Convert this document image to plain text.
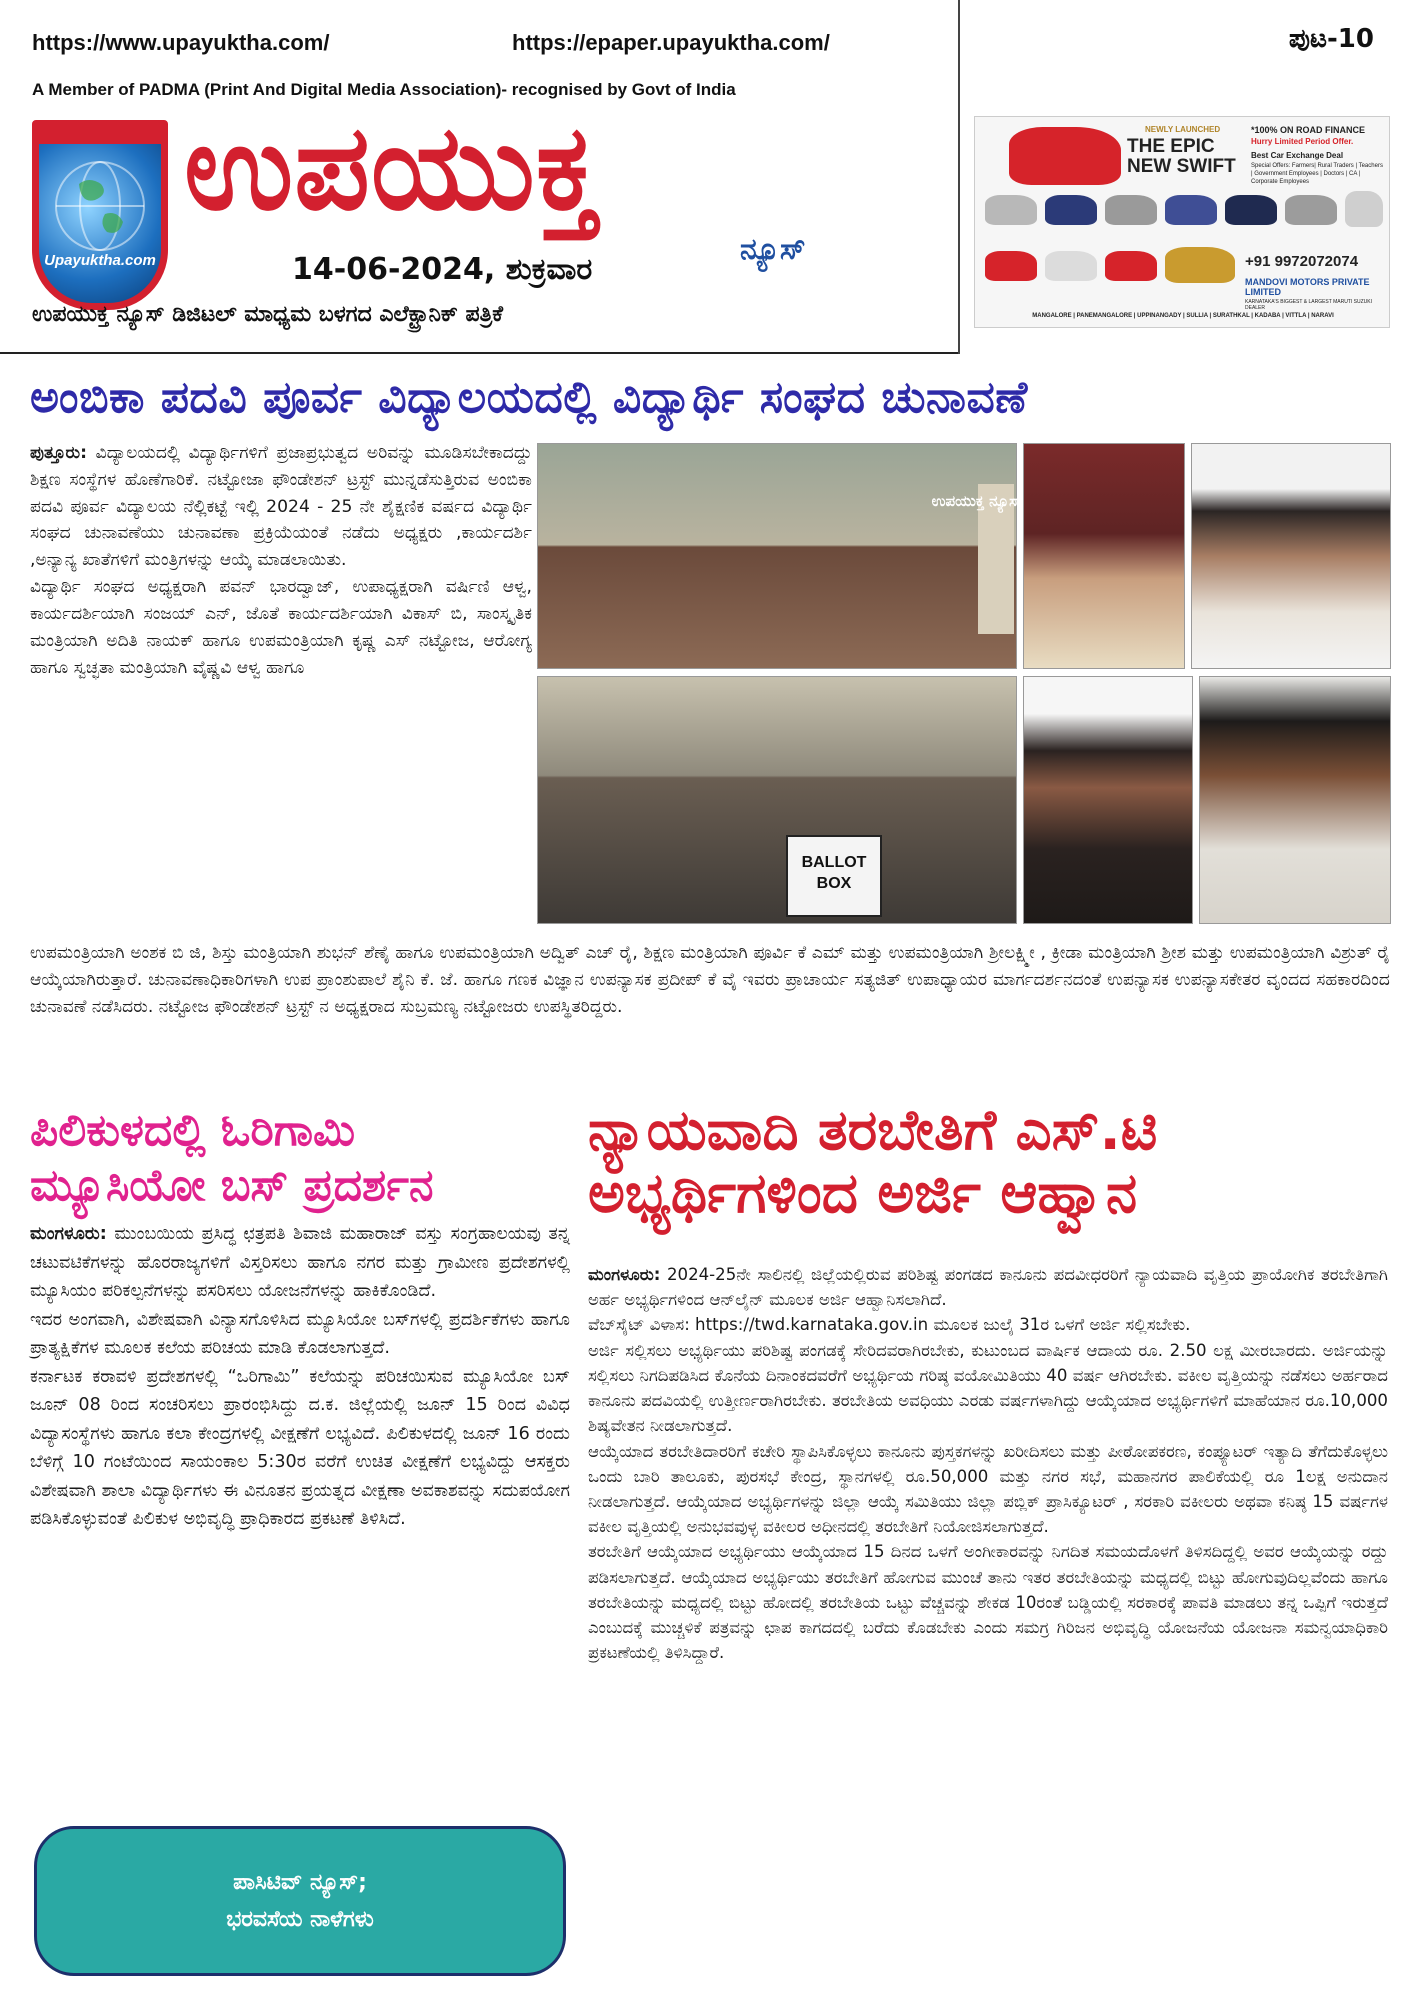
https://www.upayuktha.com/	https://epaper.upayuktha.com/	ಪುಟ-10
A Member of PADMA (Print And Digital Media Association)- recognised by Govt of India
Upayuktha.com
ಉಪಯುಕ್ತ
ನ್ಯೂಸ್
14-06-2024, ಶುಕ್ರವಾರ
ಉಪಯುಕ್ತ ನ್ಯೂಸ್ ಡಿಜಿಟಲ್ ಮಾಧ್ಯಮ ಬಳಗದ ಎಲೆಕ್ಟ್ರಾನಿಕ್ ಪತ್ರಿಕೆ
NEWLY LAUNCHED
THE EPIC NEW SWIFT
*100% ON ROAD FINANCE
Hurry Limited Period Offer.
Best Car Exchange Deal
Special Offers: Farmers| Rural Traders | Teachers | Government Employees | Doctors | CA | Corporate Employees
+91 9972072074
MANDOVI MOTORS PRIVATE LIMITED
KARNATAKA'S BIGGEST & LARGEST MARUTI SUZUKI DEALER
MANGALORE | PANEMANGALORE | UPPINANGADY | SULLIA | SURATHKAL | KADABA | VITTLA | NARAVI
ಅಂಬಿಕಾ ಪದವಿ ಪೂರ್ವ ವಿದ್ಯಾಲಯದಲ್ಲಿ ವಿದ್ಯಾರ್ಥಿ ಸಂಘದ ಚುನಾವಣೆ

ಪುತ್ತೂರು: ವಿದ್ಯಾಲಯದಲ್ಲಿ ವಿದ್ಯಾರ್ಥಿಗಳಿಗೆ ಪ್ರಜಾಪ್ರಭುತ್ವದ ಅರಿವನ್ನು ಮೂಡಿಸಬೇಕಾದದ್ದು ಶಿಕ್ಷಣ ಸಂಸ್ಥೆಗಳ ಹೊಣೆಗಾರಿಕೆ. ನಟ್ಟೋಜಾ ಫೌಂಡೇಶನ್ ಟ್ರಸ್ಟ್ ಮುನ್ನಡೆಸುತ್ತಿರುವ ಅಂಬಿಕಾ ಪದವಿ ಪೂರ್ವ ವಿದ್ಯಾಲಯ ನೆಲ್ಲಿಕಟ್ಟೆ ಇಲ್ಲಿ 2024 - 25 ನೇ ಶೈಕ್ಷಣಿಕ ವರ್ಷದ ವಿದ್ಯಾರ್ಥಿ ಸಂಘದ ಚುನಾವಣೆಯು ಚುನಾವಣಾ ಪ್ರಕ್ರಿಯೆಯಂತೆ ನಡೆದು ಅಧ್ಯಕ್ಷರು ,ಕಾರ್ಯದರ್ಶಿ ,ಅನ್ಯಾನ್ಯ ಖಾತೆಗಳಿಗೆ ಮಂತ್ರಿಗಳನ್ನು ಆಯ್ಕೆ ಮಾಡಲಾಯಿತು.

ವಿದ್ಯಾರ್ಥಿ ಸಂಘದ ಅಧ್ಯಕ್ಷರಾಗಿ ಪವನ್ ಭಾರದ್ವಾಜ್, ಉಪಾಧ್ಯಕ್ಷರಾಗಿ ವರ್ಷಿಣಿ ಆಳ್ವ, ಕಾರ್ಯದರ್ಶಿಯಾಗಿ ಸಂಜಯ್ ಎನ್, ಜೊತೆ ಕಾರ್ಯದರ್ಶಿಯಾಗಿ ವಿಕಾಸ್ ಬಿ, ಸಾಂಸ್ಕೃತಿಕ ಮಂತ್ರಿಯಾಗಿ ಅದಿತಿ ನಾಯಕ್ ಹಾಗೂ ಉಪಮಂತ್ರಿಯಾಗಿ ಕೃಷ್ಣ ಎಸ್ ನಟ್ಟೋಜ, ಆರೋಗ್ಯ ಹಾಗೂ ಸ್ವಚ್ಛತಾ ಮಂತ್ರಿಯಾಗಿ ವೈಷ್ಣವಿ ಆಳ್ವ ಹಾಗೂ

ಉಪಯುಕ್ತ ನ್ಯೂಸ್
BALLOT BOX

ಉಪಮಂತ್ರಿಯಾಗಿ ಅಂಶಕ ಬಿ ಜಿ, ಶಿಸ್ತು ಮಂತ್ರಿಯಾಗಿ ಶುಭನ್ ಶೆಣೈ ಹಾಗೂ ಉಪಮಂತ್ರಿಯಾಗಿ ಅದ್ವಿತ್ ಎಚ್ ರೈ, ಶಿಕ್ಷಣ ಮಂತ್ರಿಯಾಗಿ ಪೂರ್ವಿ ಕೆ ಎಮ್ ಮತ್ತು ಉಪಮಂತ್ರಿಯಾಗಿ ಶ್ರೀಲಕ್ಷ್ಮೀ , ಕ್ರೀಡಾ ಮಂತ್ರಿಯಾಗಿ ಶ್ರೀಶ ಮತ್ತು ಉಪಮಂತ್ರಿಯಾಗಿ ವಿಶ್ರುತ್ ರೈ ಆಯ್ಕೆಯಾಗಿರುತ್ತಾರೆ. ಚುನಾವಣಾಧಿಕಾರಿಗಳಾಗಿ ಉಪ ಪ್ರಾಂಶುಪಾಲೆ ಶೈನಿ ಕೆ. ಜೆ. ಹಾಗೂ ಗಣಕ ವಿಜ್ಞಾನ ಉಪನ್ಯಾಸಕ ಪ್ರದೀಪ್ ಕೆ ವೈ ಇವರು ಪ್ರಾಚಾರ್ಯ ಸತ್ಯಜಿತ್ ಉಪಾಧ್ಯಾಯರ ಮಾರ್ಗದರ್ಶನದಂತೆ ಉಪನ್ಯಾಸಕ ಉಪನ್ಯಾಸಕೇತರ ವೃಂದದ ಸಹಕಾರದಿಂದ ಚುನಾವಣೆ ನಡೆಸಿದರು. ನಟ್ಟೋಜ ಫೌಂಡೇಶನ್ ಟ್ರಸ್ಟ್ ನ ಅಧ್ಯಕ್ಷರಾದ ಸುಬ್ರಮಣ್ಯ ನಟ್ಟೋಜರು ಉಪಸ್ಥಿತರಿದ್ದರು.

ಪಿಲಿಕುಳದಲ್ಲಿ ಓರಿಗಾಮಿ
ಮ್ಯೂಸಿಯೋ ಬಸ್ ಪ್ರದರ್ಶನ

ಮಂಗಳೂರು: ಮುಂಬಯಿಯ ಪ್ರಸಿದ್ಧ ಛತ್ರಪತಿ ಶಿವಾಜಿ ಮಹಾರಾಜ್ ವಸ್ತು ಸಂಗ್ರಹಾಲಯವು ತನ್ನ ಚಟುವಟಿಕೆಗಳನ್ನು ಹೊರರಾಜ್ಯಗಳಿಗೆ ವಿಸ್ತರಿಸಲು ಹಾಗೂ ನಗರ ಮತ್ತು ಗ್ರಾಮೀಣ ಪ್ರದೇಶಗಳಲ್ಲಿ ಮ್ಯೂಸಿಯಂ ಪರಿಕಲ್ಪನೆಗಳನ್ನು ಪಸರಿಸಲು ಯೋಜನೆಗಳನ್ನು ಹಾಕಿಕೊಂಡಿದೆ.

ಇದರ ಅಂಗವಾಗಿ, ವಿಶೇಷವಾಗಿ ವಿನ್ಯಾಸಗೊಳಿಸಿದ ಮ್ಯೂಸಿಯೋ ಬಸ್‌ಗಳಲ್ಲಿ ಪ್ರದರ್ಶಿಕೆಗಳು ಹಾಗೂ ಪ್ರಾತ್ಯಕ್ಷಿಕೆಗಳ ಮೂಲಕ ಕಲೆಯ ಪರಿಚಯ ಮಾಡಿ ಕೊಡಲಾಗುತ್ತದೆ.

ಕರ್ನಾಟಕ ಕರಾವಳಿ ಪ್ರದೇಶಗಳಲ್ಲಿ “ಒರಿಗಾಮಿ” ಕಲೆಯನ್ನು ಪರಿಚಯಿಸುವ ಮ್ಯೂಸಿಯೋ ಬಸ್ ಜೂನ್ 08 ರಿಂದ ಸಂಚರಿಸಲು ಪ್ರಾರಂಭಿಸಿದ್ದು ದ.ಕ. ಜಿಲ್ಲೆಯಲ್ಲಿ ಜೂನ್ 15 ರಿಂದ ವಿವಿಧ ವಿದ್ಯಾಸಂಸ್ಥೆಗಳು ಹಾಗೂ ಕಲಾ ಕೇಂದ್ರಗಳಲ್ಲಿ ವೀಕ್ಷಣೆಗೆ ಲಭ್ಯವಿದೆ. ಪಿಲಿಕುಳದಲ್ಲಿ ಜೂನ್ 16 ರಂದು ಬೆಳಿಗ್ಗೆ 10 ಗಂಟೆಯಿಂದ ಸಾಯಂಕಾಲ 5:30ರ ವರೆಗೆ ಉಚಿತ ವೀಕ್ಷಣೆಗೆ ಲಭ್ಯವಿದ್ದು ಆಸಕ್ತರು ವಿಶೇಷವಾಗಿ ಶಾಲಾ ವಿದ್ಯಾರ್ಥಿಗಳು ಈ ವಿನೂತನ ಪ್ರಯತ್ನದ ವೀಕ್ಷಣಾ ಅವಕಾಶವನ್ನು ಸದುಪಯೋಗ ಪಡಿಸಿಕೊಳ್ಳುವಂತೆ ಪಿಲಿಕುಳ ಅಭಿವೃದ್ಧಿ ಪ್ರಾಧಿಕಾರದ ಪ್ರಕಟಣೆ ತಿಳಿಸಿದೆ.

ಪಾಸಿಟಿವ್ ನ್ಯೂಸ್;
ಭರವಸೆಯ ನಾಳೆಗಳು
ನ್ಯಾಯವಾದಿ ತರಬೇತಿಗೆ ಎಸ್.ಟಿ
ಅಭ್ಯರ್ಥಿಗಳಿಂದ ಅರ್ಜಿ ಆಹ್ವಾನ

ಮಂಗಳೂರು: 2024-25ನೇ ಸಾಲಿನಲ್ಲಿ ಜಿಲ್ಲೆಯಲ್ಲಿರುವ ಪರಿಶಿಷ್ಟ ಪಂಗಡದ ಕಾನೂನು ಪದವೀಧರರಿಗೆ ನ್ಯಾಯವಾದಿ ವೃತ್ತಿಯ ಪ್ರಾಯೋಗಿಕ ತರಬೇತಿಗಾಗಿ ಅರ್ಹ ಅಭ್ಯರ್ಥಿಗಳಿಂದ ಆನ್‌ಲೈನ್ ಮೂಲಕ ಅರ್ಜಿ ಆಹ್ವಾನಿಸಲಾಗಿದೆ.

ವೆಬ್‌ಸೈಟ್ ವಿಳಾಸ: https://twd.karnataka.gov.in ಮೂಲಕ ಜುಲೈ 31ರ ಒಳಗೆ ಅರ್ಜಿ ಸಲ್ಲಿಸಬೇಕು.

ಅರ್ಜಿ ಸಲ್ಲಿಸಲು ಅಭ್ಯರ್ಥಿಯು ಪರಿಶಿಷ್ಟ ಪಂಗಡಕ್ಕೆ ಸೇರಿದವರಾಗಿರಬೇಕು, ಕುಟುಂಬದ ವಾರ್ಷಿಕ ಆದಾಯ ರೂ. 2.50 ಲಕ್ಷ ಮೀರಬಾರದು. ಅರ್ಜಿಯನ್ನು ಸಲ್ಲಿಸಲು ನಿಗದಿಪಡಿಸಿದ ಕೊನೆಯ ದಿನಾಂಕದವರೆಗೆ ಅಭ್ಯರ್ಥಿಯ ಗರಿಷ್ಠ ವಯೋಮಿತಿಯು 40 ವರ್ಷ ಆಗಿರಬೇಕು. ವಕೀಲ ವೃತ್ತಿಯನ್ನು ನಡೆಸಲು ಅರ್ಹರಾದ ಕಾನೂನು ಪದವಿಯಲ್ಲಿ ಉತ್ತೀರ್ಣರಾಗಿರಬೇಕು. ತರಬೇತಿಯ ಅವಧಿಯು ಎರಡು ವರ್ಷಗಳಾಗಿದ್ದು ಆಯ್ಕೆಯಾದ ಅಭ್ಯರ್ಥಿಗಳಿಗೆ ಮಾಹೆಯಾನ ರೂ.10,000 ಶಿಷ್ಯವೇತನ ನೀಡಲಾಗುತ್ತದೆ.

ಆಯ್ಕೆಯಾದ ತರಬೇತಿದಾರರಿಗೆ ಕಚೇರಿ ಸ್ಥಾಪಿಸಿಕೊಳ್ಳಲು ಕಾನೂನು ಪುಸ್ತಕಗಳನ್ನು ಖರೀದಿಸಲು ಮತ್ತು ಪೀಠೋಪಕರಣ, ಕಂಪ್ಯೂಟರ್ ಇತ್ಯಾದಿ ತೆಗೆದುಕೊಳ್ಳಲು ಒಂದು ಬಾರಿ ತಾಲೂಕು, ಪುರಸಭೆ ಕೇಂದ್ರ, ಸ್ಥಾನಗಳಲ್ಲಿ ರೂ.50,000 ಮತ್ತು ನಗರ ಸಭೆ, ಮಹಾನಗರ ಪಾಲಿಕೆಯಲ್ಲಿ ರೂ 1ಲಕ್ಷ ಅನುದಾನ ನೀಡಲಾಗುತ್ತದೆ. ಆಯ್ಕೆಯಾದ ಅಭ್ಯರ್ಥಿಗಳನ್ನು ಜಿಲ್ಲಾ ಆಯ್ಕೆ ಸಮಿತಿಯು ಜಿಲ್ಲಾ ಪಬ್ಲಿಕ್ ಪ್ರಾಸಿಕ್ಯೂಟರ್ , ಸರಕಾರಿ ವಕೀಲರು ಅಥವಾ ಕನಿಷ್ಠ 15 ವರ್ಷಗಳ ವಕೀಲ ವೃತ್ತಿಯಲ್ಲಿ ಅನುಭವವುಳ್ಳ ವಕೀಲರ ಅಧೀನದಲ್ಲಿ ತರಬೇತಿಗೆ ನಿಯೋಜಿಸಲಾಗುತ್ತದೆ.

ತರಬೇತಿಗೆ ಆಯ್ಕೆಯಾದ ಅಭ್ಯರ್ಥಿಯು ಆಯ್ಕೆಯಾದ 15 ದಿನದ ಒಳಗೆ ಅಂಗೀಕಾರವನ್ನು ನಿಗದಿತ ಸಮಯದೊಳಗೆ ತಿಳಿಸದಿದ್ದಲ್ಲಿ ಅವರ ಆಯ್ಕೆಯನ್ನು ರದ್ದು ಪಡಿಸಲಾಗುತ್ತದೆ. ಆಯ್ಕೆಯಾದ ಅಭ್ಯರ್ಥಿಯು ತರಬೇತಿಗೆ ಹೋಗುವ ಮುಂಚೆ ತಾನು ಇತರ ತರಬೇತಿಯನ್ನು ಮಧ್ಯದಲ್ಲಿ ಬಿಟ್ಟು ಹೋಗುವುದಿಲ್ಲವೆಂದು ಹಾಗೂ ತರಬೇತಿಯನ್ನು ಮಧ್ಯದಲ್ಲಿ ಬಿಟ್ಟು ಹೋದಲ್ಲಿ ತರಬೇತಿಯ ಒಟ್ಟು ವೆಚ್ಚವನ್ನು ಶೇಕಡ 10ರಂತೆ ಬಡ್ಡಿಯಲ್ಲಿ ಸರಕಾರಕ್ಕೆ ಪಾವತಿ ಮಾಡಲು ತನ್ನ ಒಪ್ಪಿಗೆ ಇರುತ್ತದೆ ಎಂಬುದಕ್ಕೆ ಮುಚ್ಚಳಿಕೆ ಪತ್ರವನ್ನು ಛಾಪ ಕಾಗದದಲ್ಲಿ ಬರೆದು ಕೊಡಬೇಕು ಎಂದು ಸಮಗ್ರ ಗಿರಿಜನ ಅಭಿವೃದ್ಧಿ ಯೋಜನೆಯ ಯೋಜನಾ ಸಮನ್ವಯಾಧಿಕಾರಿ ಪ್ರಕಟಣೆಯಲ್ಲಿ ತಿಳಿಸಿದ್ದಾರೆ.
